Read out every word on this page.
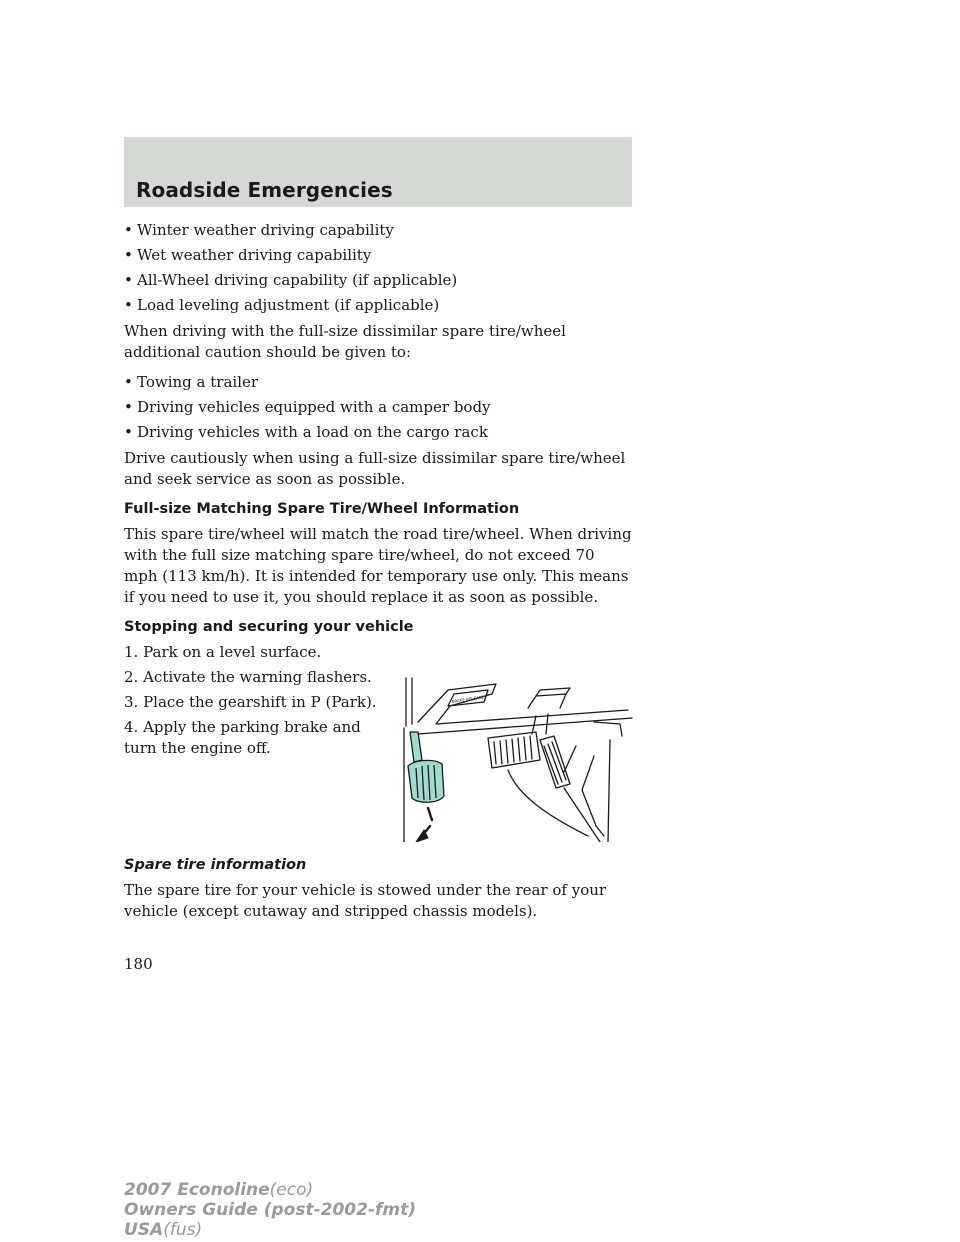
Roadside Emergencies
• Winter weather driving capability
• Wet weather driving capability
• All-Wheel driving capability (if applicable)
• Load leveling adjustment (if applicable)

When driving with the full-size dissimilar spare tire/wheel additional caution should be given to:

• Towing a trailer
• Driving vehicles equipped with a camper body
• Driving vehicles with a load on the cargo rack

Drive cautiously when using a full-size dissimilar spare tire/wheel and seek service as soon as possible.

Full-size Matching Spare Tire/Wheel Information

This spare tire/wheel will match the road tire/wheel. When driving with the full size matching spare tire/wheel, do not exceed 70 mph (113 km/h). It is intended for temporary use only. This means if you need to use it, you should replace it as soon as possible.

Stopping and securing your vehicle
1. Park on a level surface.
2. Activate the warning flashers.
3. Place the gearshift in P (Park).
4. Apply the parking brake and turn the engine off.
Spare tire information

The spare tire for your vehicle is stowed under the rear of your vehicle (except cutaway and stripped chassis models).

BRAKE RELEASE
180
2007 Econoline(eco)
Owners Guide (post-2002-fmt)
USA(fus)
